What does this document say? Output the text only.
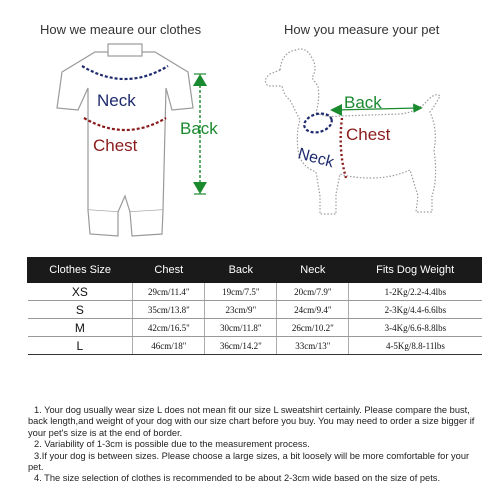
How we meaure our clothes	How you measure your pet
Neck
Chest
Back
Back
Chest
Neck
Clothes Size	Chest	Back	Neck	Fits Dog Weight
XS	29cm/11.4"	19cm/7.5"	20cm/7.9"	1-2Kg/2.2-4.4lbs
S	35cm/13.8"	23cm/9"	24cm/9.4"	2-3Kg/4.4-6.6lbs
M	42cm/16.5"	30cm/11.8"	26cm/10.2"	3-4Kg/6.6-8.8lbs
L	46cm/18"	36cm/14.2"	33cm/13"	4-5Kg/8.8-11lbs

1. Your dog usually wear size L does not mean fit our size L sweatshirt certainly. Please compare the bust, back length,and weight of your dog with our size chart before you buy. You may need to order a size bigger if your pet's size is at the end of border.

2. Variability of 1-3cm is possible due to the measurement process.

3.If your dog is between sizes. Please choose a large sizes, a bit loosely will be more comfortable for your pet.

4. The size selection of clothes is recommended to be about 2-3cm wide based on the size of pets.
